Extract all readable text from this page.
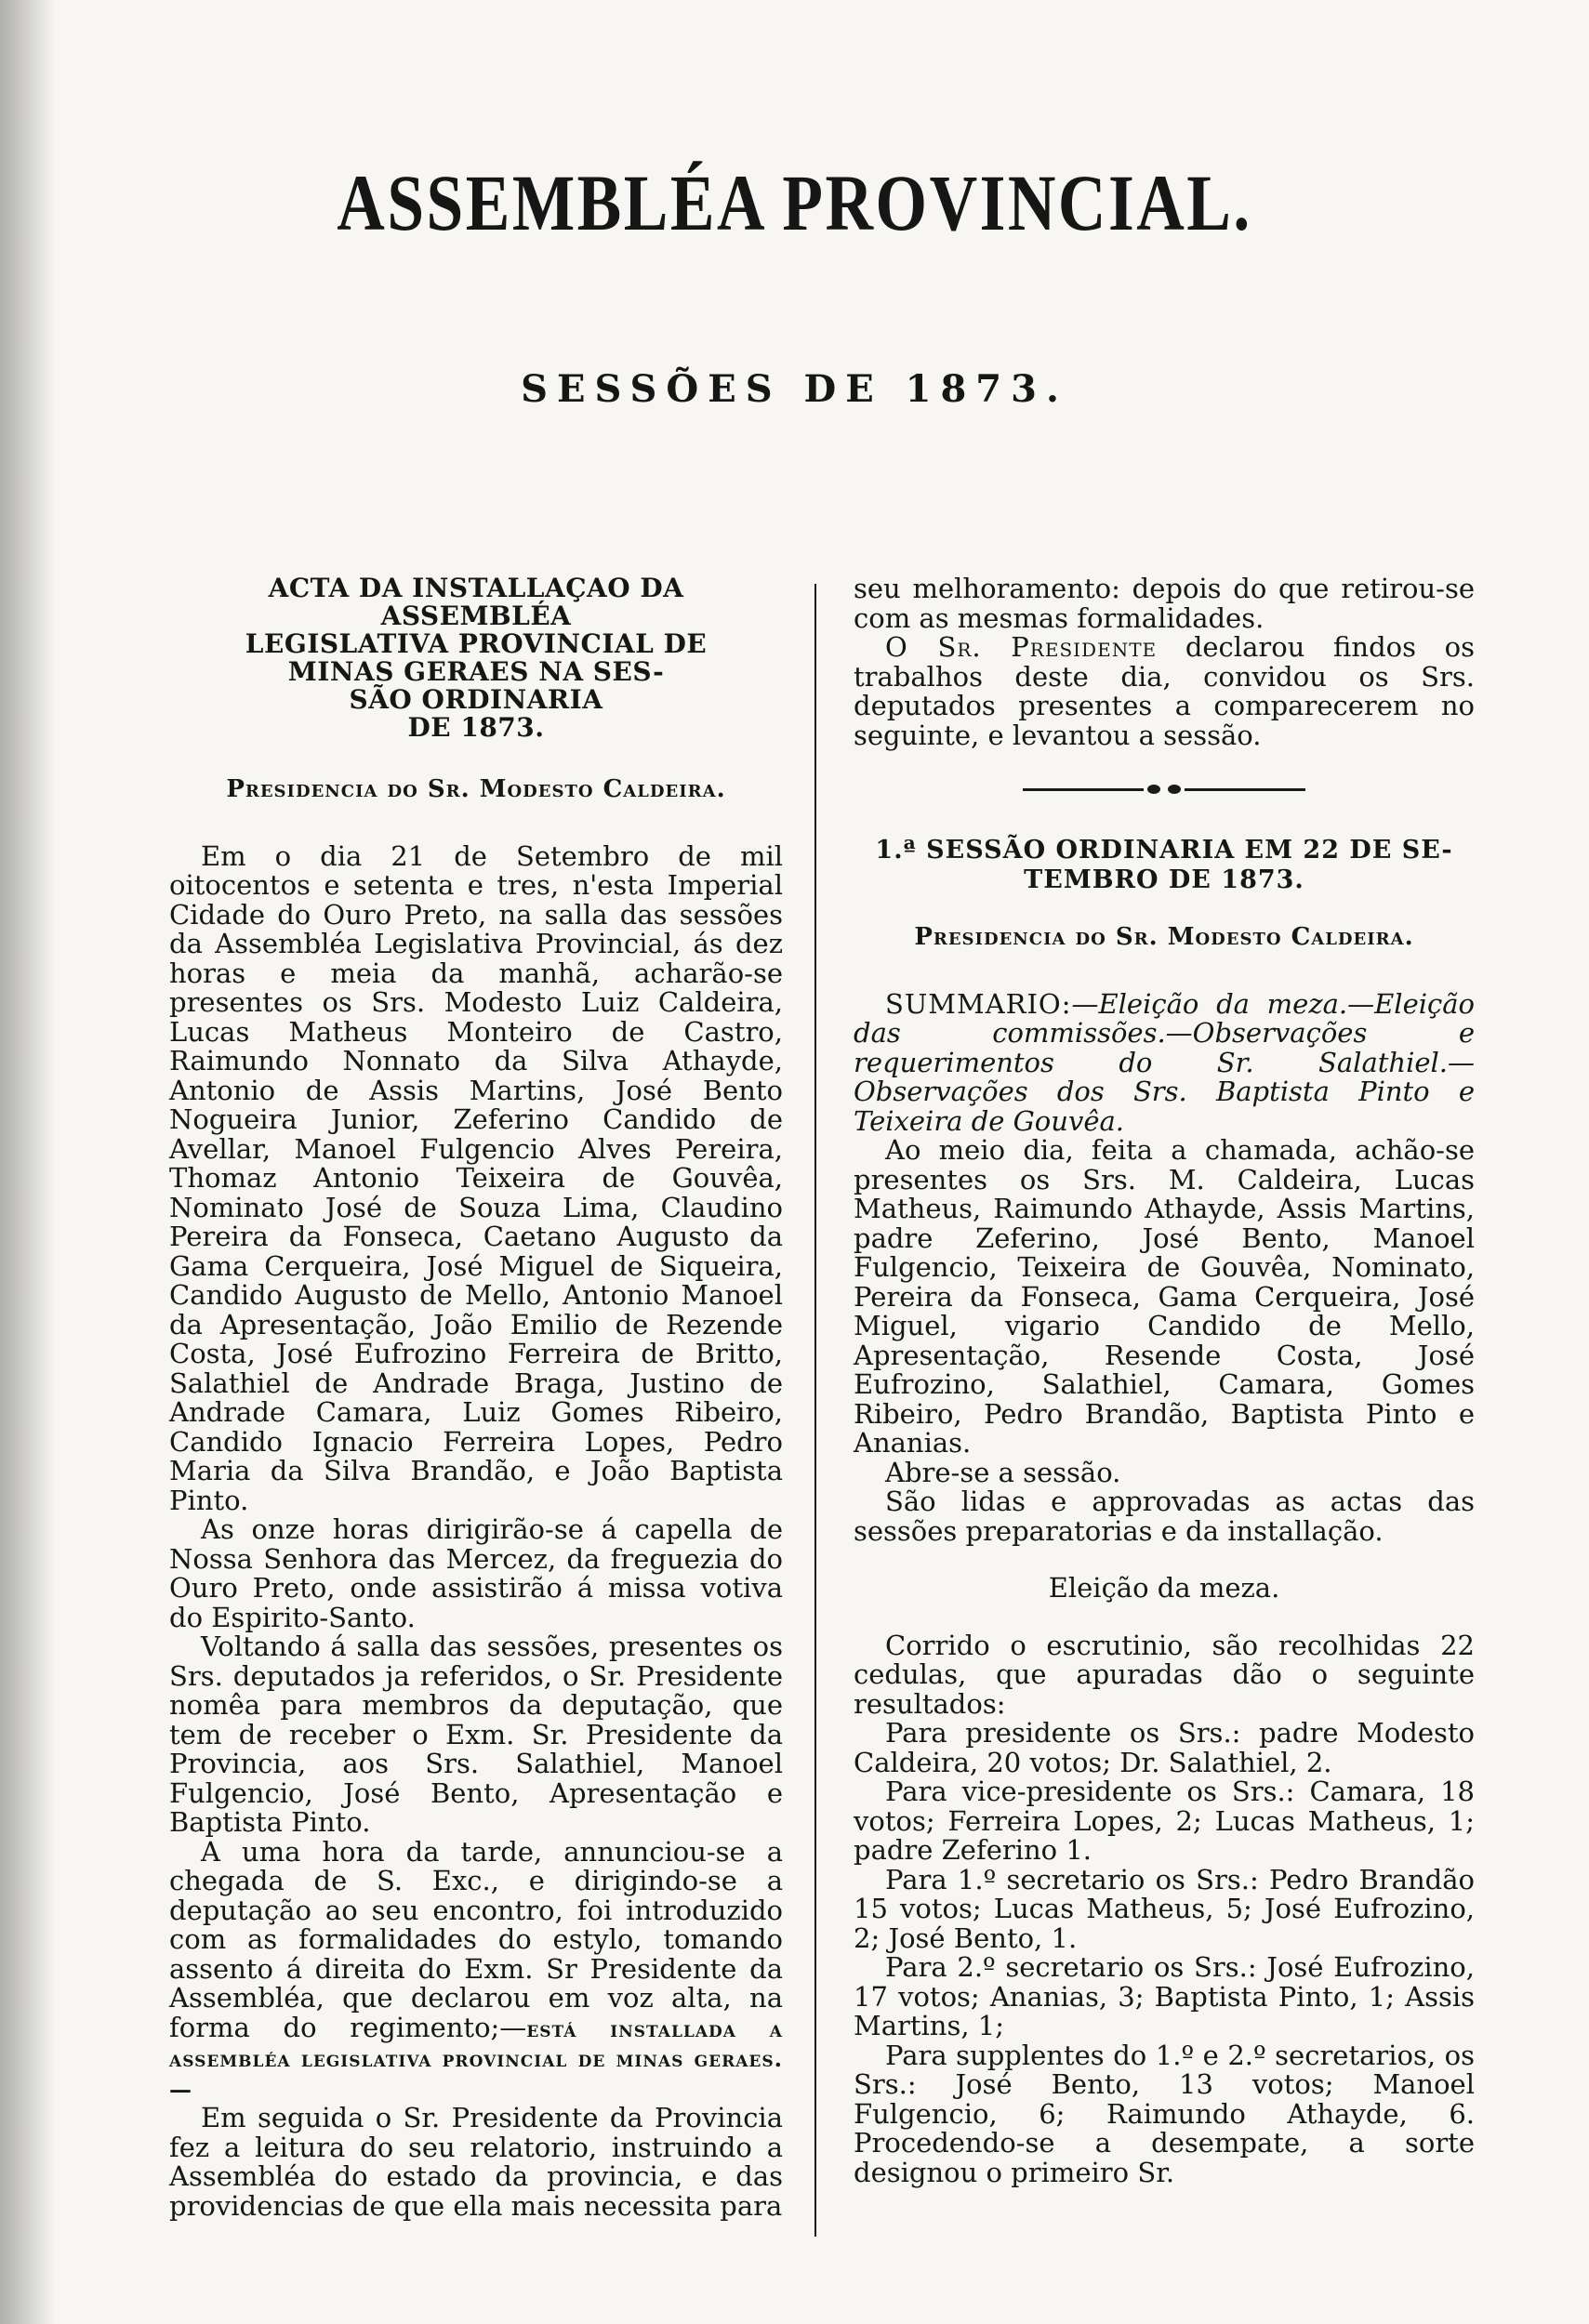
ASSEMBLÉA PROVINCIAL.
SESSÕES DE 1873.
ACTA DA INSTALLAÇAO DA ASSEMBLÉA
LEGISLATIVA PROVINCIAL DE
MINAS GERAES NA SES-
SÃO ORDINARIA
DE 1873.
Presidencia do Sr. Modesto Caldeira.

Em o dia 21 de Setembro de mil oitocentos e setenta e tres, n'esta Imperial Cidade do Ouro Preto, na salla das sessões da Assembléa Legislativa Provincial, ás dez horas e meia da manhã, acharão-se presentes os Srs. Modesto Luiz Caldeira, Lucas Matheus Monteiro de Castro, Raimundo Nonnato da Silva Athayde, Antonio de Assis Martins, José Bento Nogueira Junior, Zeferino Candido de Avellar, Manoel Fulgencio Alves Pereira, Thomaz Antonio Teixeira de Gouvêa, Nominato José de Souza Lima, Claudino Pereira da Fonseca, Caetano Augusto da Gama Cerqueira, José Miguel de Siqueira, Candido Augusto de Mello, Antonio Manoel da Apresentação, João Emilio de Rezende Costa, José Eufrozino Ferreira de Britto, Salathiel de Andrade Braga, Justino de Andrade Camara, Luiz Gomes Ribeiro, Candido Ignacio Ferreira Lopes, Pedro Maria da Silva Brandão, e João Baptista Pinto.

As onze horas dirigirão-se á capella de Nossa Senhora das Mercez, da freguezia do Ouro Preto, onde assistirão á missa votiva do Espirito-Santo.

Voltando á salla das sessões, presentes os Srs. deputados ja referidos, o Sr. Presidente nomêa para membros da deputação, que tem de receber o Exm. Sr. Presidente da Provincia, aos Srs. Salathiel, Manoel Fulgencio, José Bento, Apresentação e Baptista Pinto.

A uma hora da tarde, annunciou-se a chegada de S. Exc., e dirigindo-se a deputação ao seu encontro, foi introduzido com as formalidades do estylo, tomando assento á direita do Exm. Sr Presidente da Assembléa, que declarou em voz alta, na forma do regimento;—está installada a assembléa legislativa provincial de minas geraes.—

Em seguida o Sr. Presidente da Provincia fez a leitura do seu relatorio, instruindo a Assembléa do estado da provincia, e das providencias de que ella mais necessita para

seu melhoramento: depois do que retirou-se com as mesmas formalidades.

O Sr. Presidente declarou findos os trabalhos deste dia, convidou os Srs. deputados presentes a comparecerem no seguinte, e levantou a sessão.

1.ª SESSÃO ORDINARIA EM 22 DE SE-
TEMBRO DE 1873.
Presidencia do Sr. Modesto Caldeira.

SUMMARIO:—Eleição da meza.—Eleição das commissões.—Observações e requerimentos do Sr. Salathiel.—Observações dos Srs. Baptista Pinto e Teixeira de Gouvêa.

Ao meio dia, feita a chamada, achão-se presentes os Srs. M. Caldeira, Lucas Matheus, Raimundo Athayde, Assis Martins, padre Zeferino, José Bento, Manoel Fulgencio, Teixeira de Gouvêa, Nominato, Pereira da Fonseca, Gama Cerqueira, José Miguel, vigario Candido de Mello, Apresentação, Resende Costa, José Eufrozino, Salathiel, Camara, Gomes Ribeiro, Pedro Brandão, Baptista Pinto e Ananias.

Abre-se a sessão.

São lidas e approvadas as actas das sessões preparatorias e da installação.

Eleição da meza.

Corrido o escrutinio, são recolhidas 22 cedulas, que apuradas dão o seguinte resultados:

Para presidente os Srs.: padre Modesto Caldeira, 20 votos; Dr. Salathiel, 2.

Para vice-presidente os Srs.: Camara, 18 votos; Ferreira Lopes, 2; Lucas Matheus, 1; padre Zeferino 1.

Para 1.º secretario os Srs.: Pedro Brandão 15 votos; Lucas Matheus, 5; José Eufrozino, 2; José Bento, 1.

Para 2.º secretario os Srs.: José Eufrozino, 17 votos; Ananias, 3; Baptista Pinto, 1; Assis Martins, 1;

Para supplentes do 1.º e 2.º secretarios, os Srs.: José Bento, 13 votos; Manoel Fulgencio, 6; Raimundo Athayde, 6. Procedendo-se a desempate, a sorte designou o primeiro Sr.
